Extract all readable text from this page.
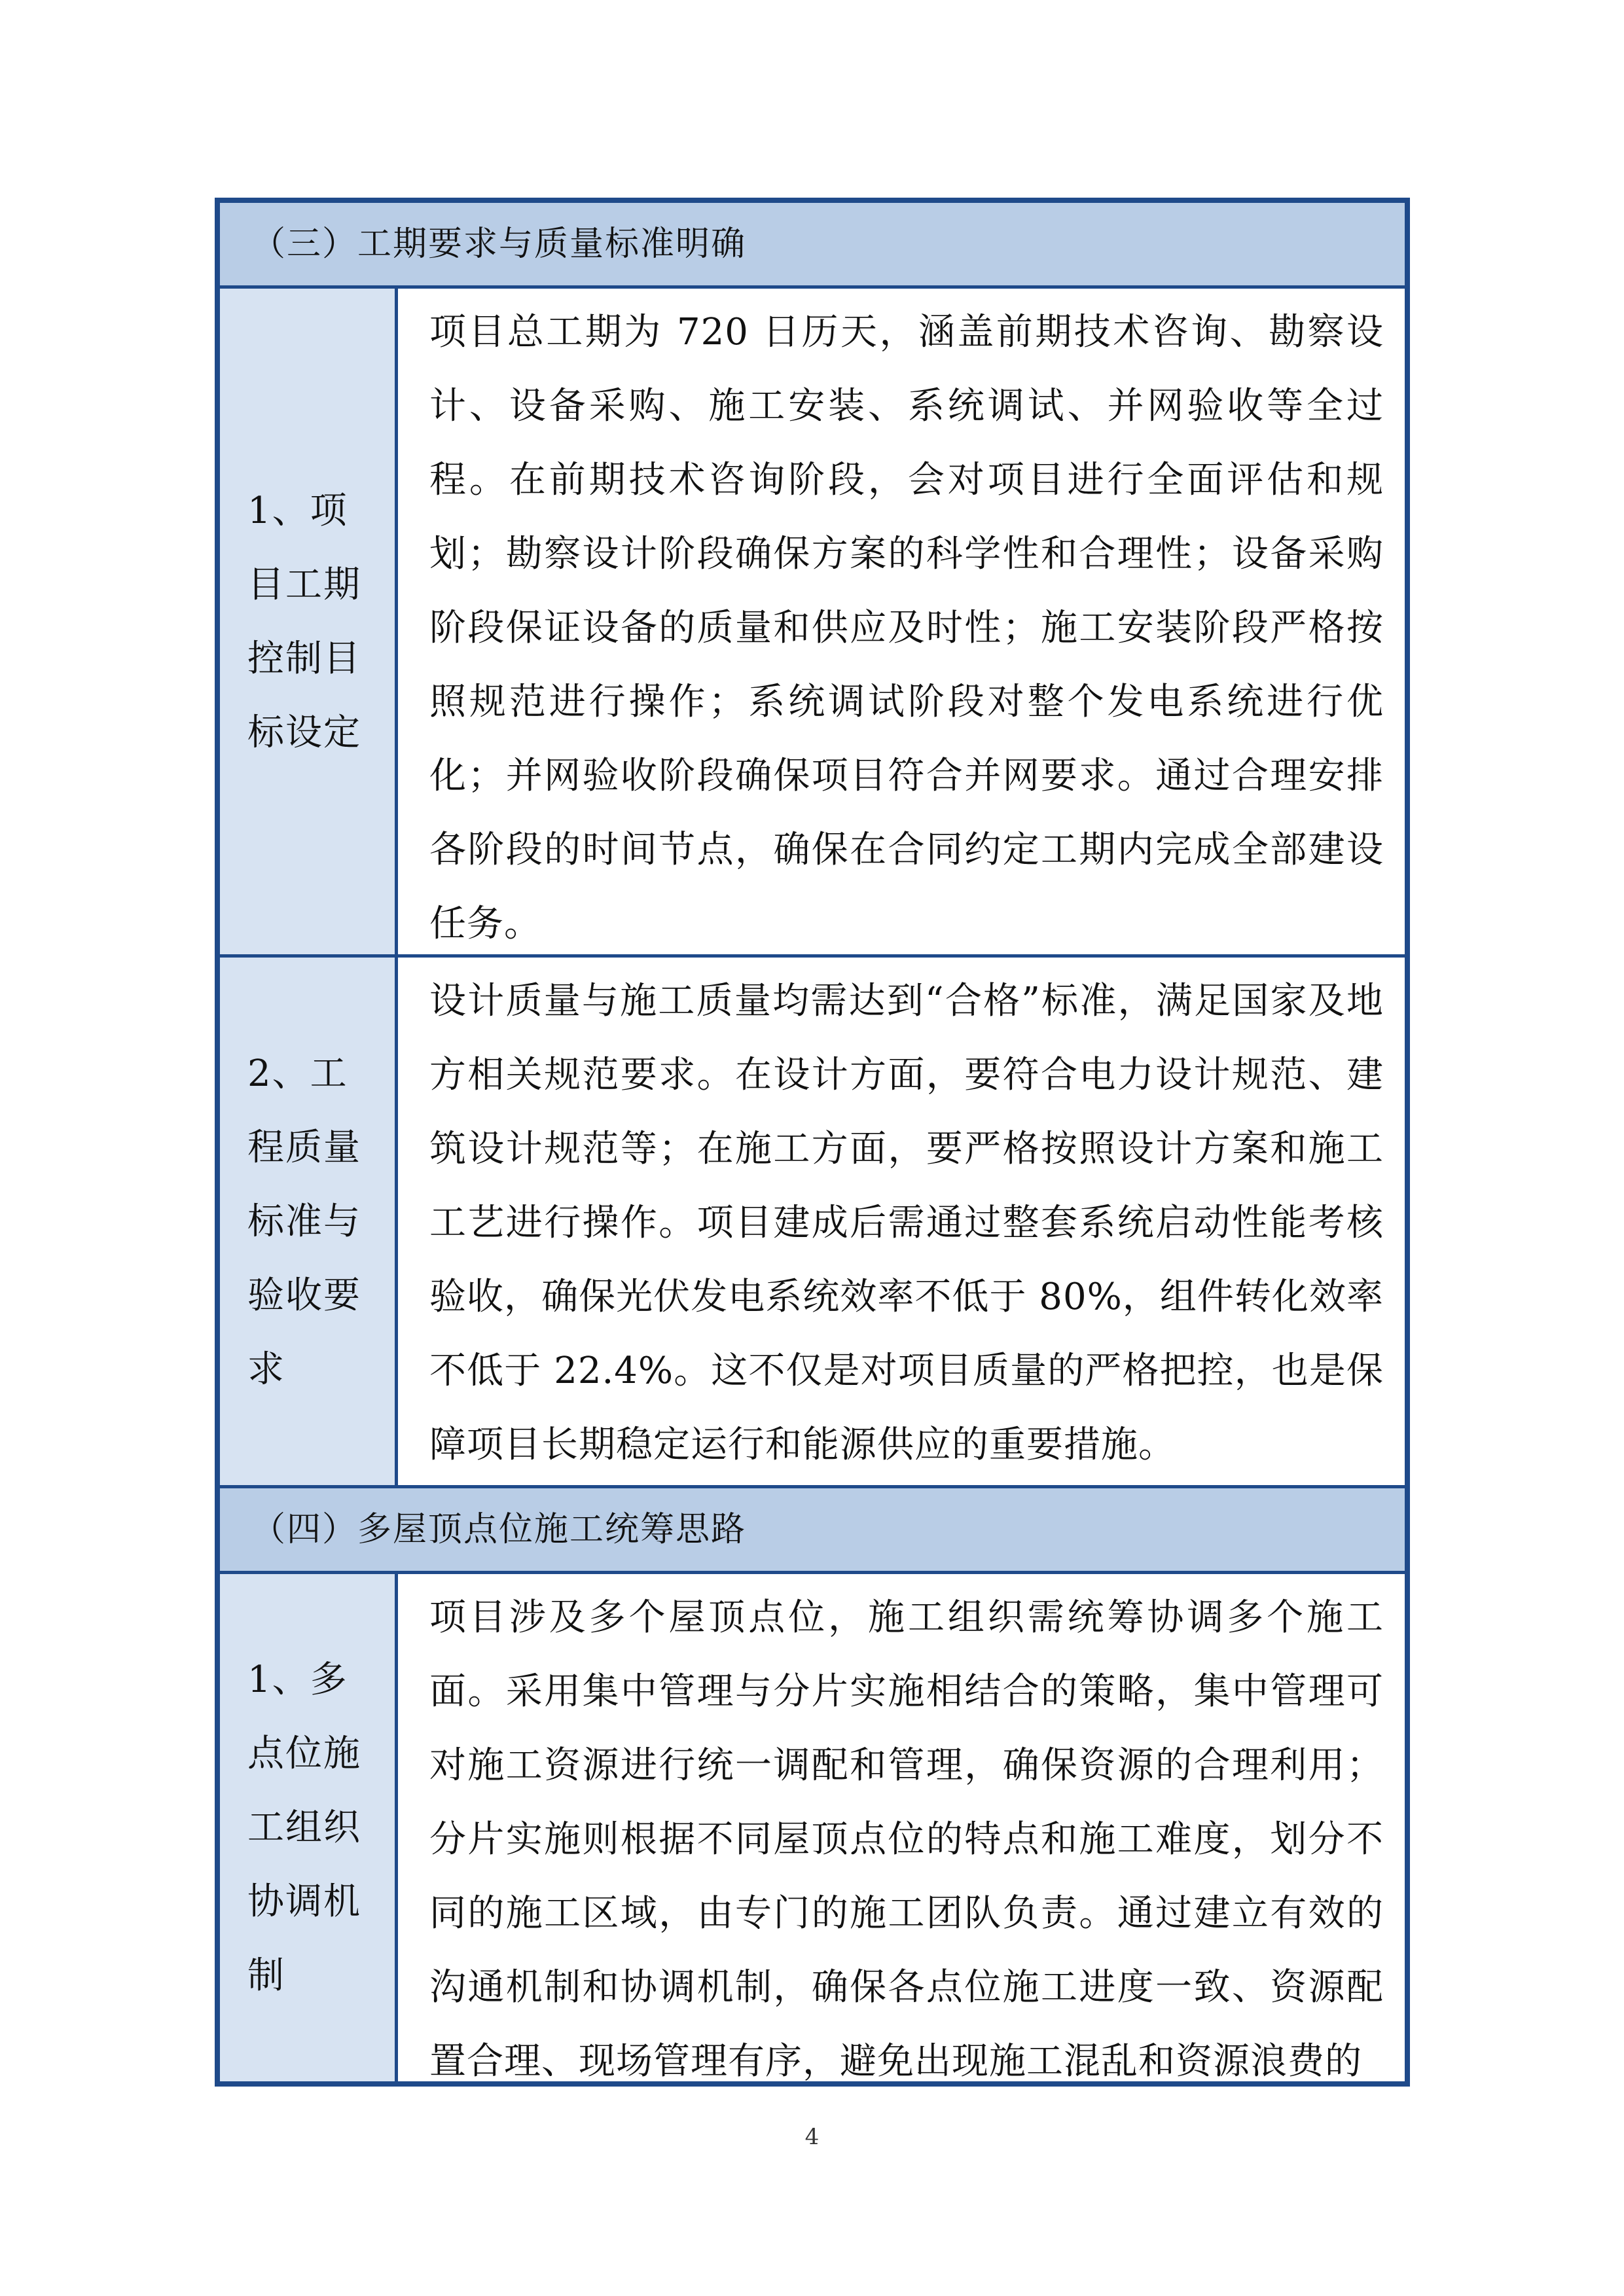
（三）工期要求与质量标准明确
1、项目工期控制目标设定
项目总工期为 720 日历天，涵盖前期技术咨询、勘察设计、设备采购、施工安装、系统调试、并网验收等全过程。在前期技术咨询阶段，会对项目进行全面评估和规划；勘察设计阶段确保方案的科学性和合理性；设备采购阶段保证设备的质量和供应及时性；施工安装阶段严格按照规范进行操作；系统调试阶段对整个发电系统进行优化；并网验收阶段确保项目符合并网要求。通过合理安排各阶段的时间节点，确保在合同约定工期内完成全部建设任务。
2、工程质量标准与验收要求
设计质量与施工质量均需达到“合格”标准，满足国家及地方相关规范要求。在设计方面，要符合电力设计规范、建筑设计规范等；在施工方面，要严格按照设计方案和施工工艺进行操作。项目建成后需通过整套系统启动性能考核验收，确保光伏发电系统效率不低于 80%，组件转化效率不低于 22.4%。这不仅是对项目质量的严格把控，也是保障项目长期稳定运行和能源供应的重要措施。
（四）多屋顶点位施工统筹思路
1、多点位施工组织协调机制
项目涉及多个屋顶点位，施工组织需统筹协调多个施工面。采用集中管理与分片实施相结合的策略，集中管理可对施工资源进行统一调配和管理，确保资源的合理利用；分片实施则根据不同屋顶点位的特点和施工难度，划分不同的施工区域，由专门的施工团队负责。通过建立有效的沟通机制和协调机制，确保各点位施工进度一致、资源配置合理、现场管理有序，避免出现施工混乱和资源浪费的
4
